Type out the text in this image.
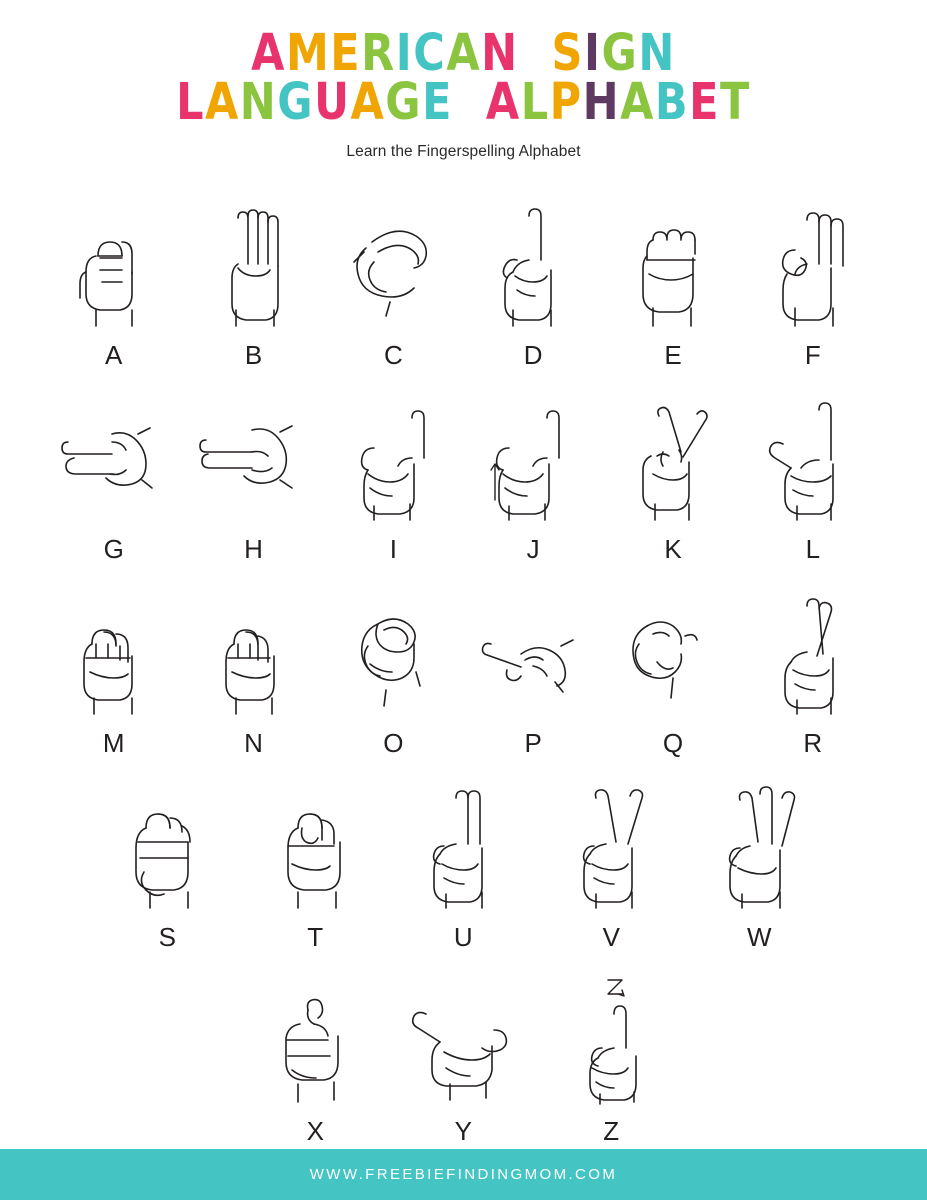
AMERICAN SIGN
LANGUAGE ALPHABET
Learn the Fingerspelling Alphabet
A	B	C	D	E	F
G	H	I	J	K	L
M	N	O	P	Q	R
S	T	U	V	W
X	Y	Z
WWW.FREEBIEFINDINGMOM.COM
